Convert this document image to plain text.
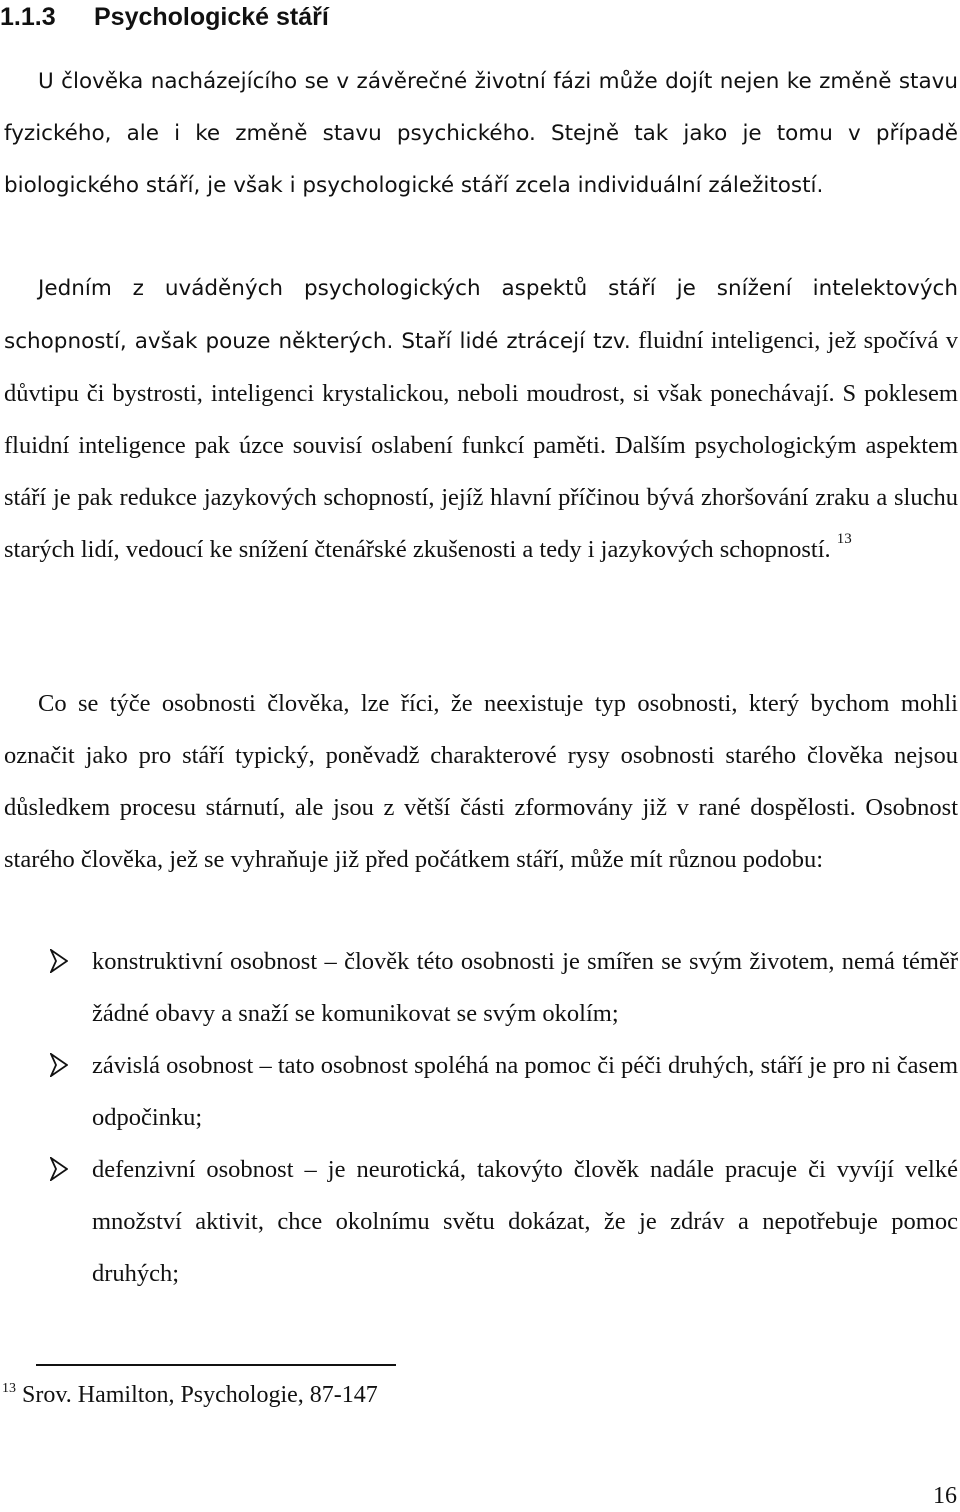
1.1.3 Psychologické stáří

U člověka nacházejícího se v závěrečné životní fázi může dojít nejen ke změně stavu fyzického, ale i ke změně stavu psychického. Stejně tak jako je tomu v případě biologického stáří, je však i psychologické stáří zcela individuální záležitostí.

Jedním z uváděných psychologických aspektů stáří je snížení intelektových schopností, avšak pouze některých. Staří lidé ztrácejí tzv. fluidní inteligenci, jež spočívá v důvtipu či bystrosti, inteligenci krystalickou, neboli moudrost, si však ponechávají. S poklesem fluidní inteligence pak úzce souvisí oslabení funkcí paměti. Dalším psychologickým aspektem stáří je pak redukce jazykových schopností, jejíž hlavní příčinou bývá zhoršování zraku a sluchu starých lidí, vedoucí ke snížení čtenářské zkušenosti a tedy i jazykových schopností. $^{13}$

Co se týče osobnosti člověka, lze říci, že neexistuje typ osobnosti, který bychom mohli označit jako pro stáří typický, poněvadž charakterové rysy osobnosti starého člověka nejsou důsledkem procesu stárnutí, ale jsou z větší části zformovány již v rané dospělosti. Osobnost starého člověka, jež se vyhraňuje již před počátkem stáří, může mít různou podobu:

konstruktivní osobnost – člověk této osobnosti je smířen se svým životem, nemá téměř žádné obavy a snaží se komunikovat se svým okolím;
závislá osobnost – tato osobnost spoléhá na pomoc či péči druhých, stáří je pro ni časem odpočinku;
defenzivní osobnost – je neurotická, takovýto člověk nadále pracuje či vyvíjí velké množství aktivit, chce okolnímu světu dokázat, že je zdráv a nepotřebuje pomoc druhých;
$^{13}$ Srov. Hamilton, Psychologie, 87-147
16
